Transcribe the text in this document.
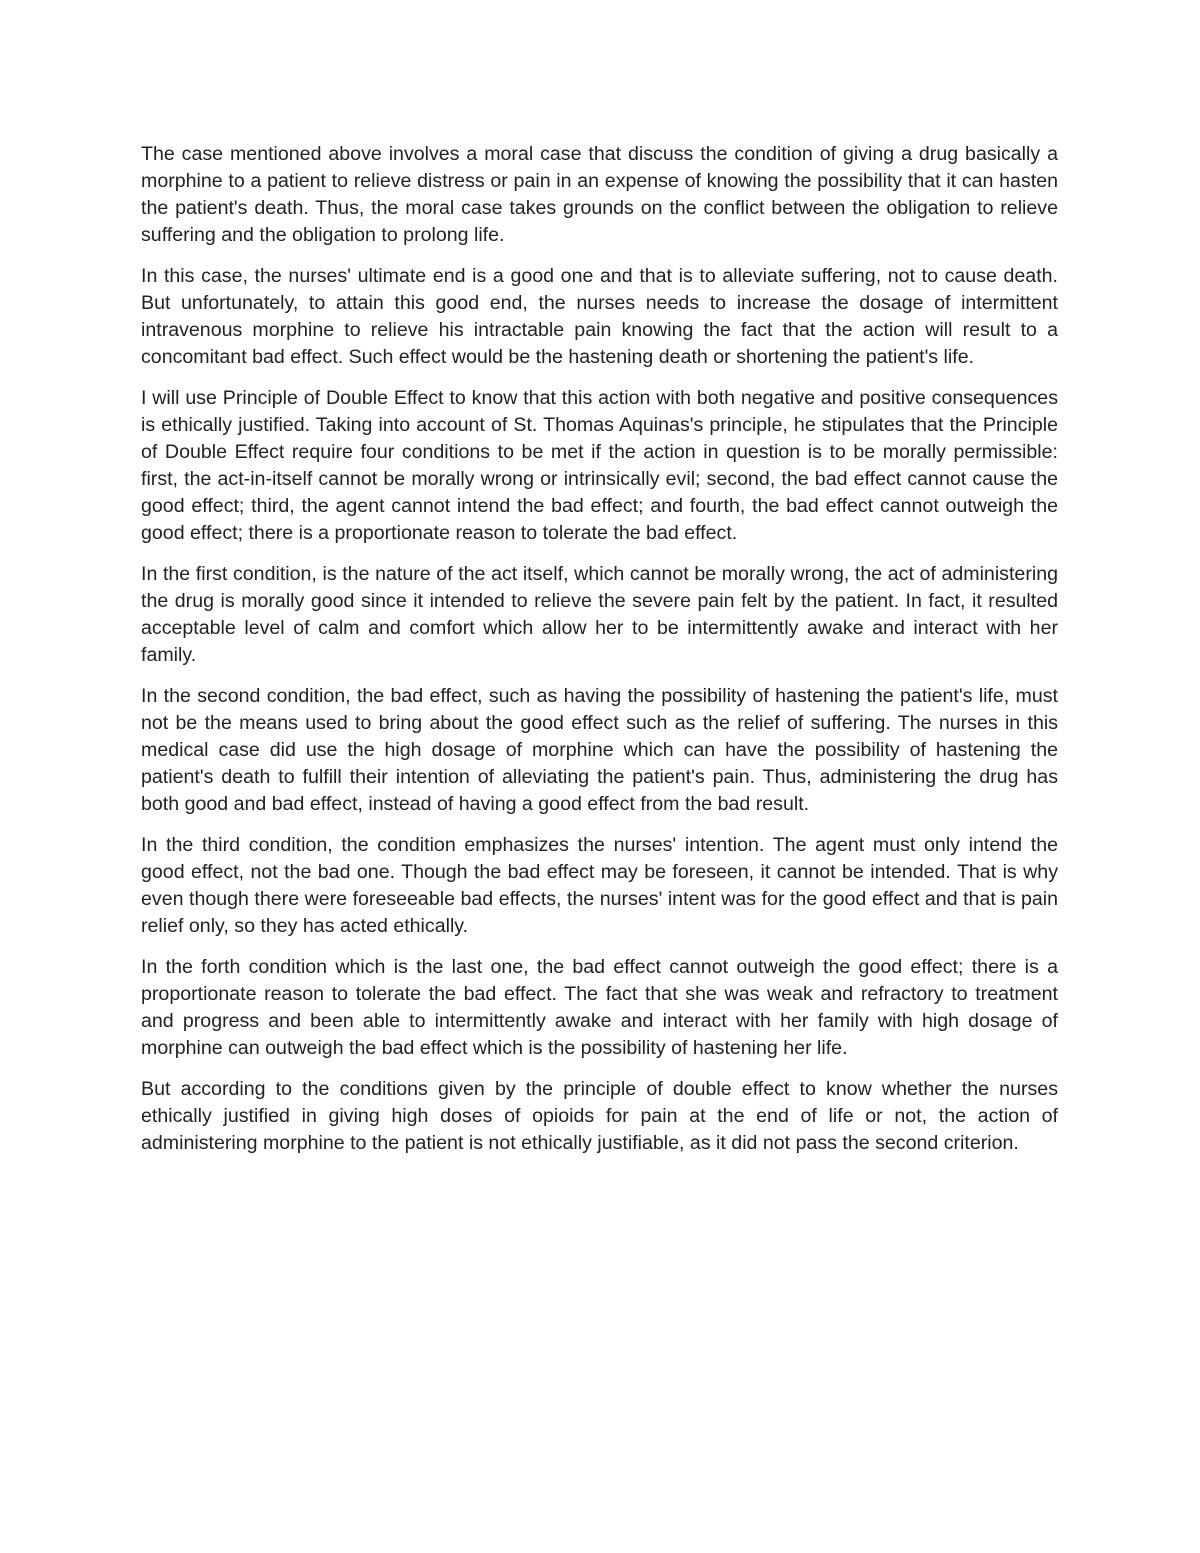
The case mentioned above involves a moral case that discuss the condition of giving a drug basically a morphine to a patient to relieve distress or pain in an expense of knowing the possibility that it can hasten the patient's death. Thus, the moral case takes grounds on the conflict between the obligation to relieve suffering and the obligation to prolong life.

In this case, the nurses' ultimate end is a good one and that is to alleviate suffering, not to cause death. But unfortunately, to attain this good end, the nurses needs to increase the dosage of intermittent intravenous morphine to relieve his intractable pain knowing the fact that the action will result to a concomitant bad effect. Such effect would be the hastening death or shortening the patient's life.

I will use Principle of Double Effect to know that this action with both negative and positive consequences is ethically justified. Taking into account of St. Thomas Aquinas's principle, he stipulates that the Principle of Double Effect require four conditions to be met if the action in question is to be morally permissible: first, the act-in-itself cannot be morally wrong or intrinsically evil; second, the bad effect cannot cause the good effect; third, the agent cannot intend the bad effect; and fourth, the bad effect cannot outweigh the good effect; there is a proportionate reason to tolerate the bad effect.

In the first condition, is the nature of the act itself, which cannot be morally wrong, the act of administering the drug is morally good since it intended to relieve the severe pain felt by the patient. In fact, it resulted acceptable level of calm and comfort which allow her to be intermittently awake and interact with her family.

In the second condition, the bad effect, such as having the possibility of hastening the patient's life, must not be the means used to bring about the good effect such as the relief of suffering. The nurses in this medical case did use the high dosage of morphine which can have the possibility of hastening the patient's death to fulfill their intention of alleviating the patient's pain. Thus, administering the drug has both good and bad effect, instead of having a good effect from the bad result.

In the third condition, the condition emphasizes the nurses' intention. The agent must only intend the good effect, not the bad one. Though the bad effect may be foreseen, it cannot be intended. That is why even though there were foreseeable bad effects, the nurses' intent was for the good effect and that is pain relief only, so they has acted ethically.

In the forth condition which is the last one, the bad effect cannot outweigh the good effect; there is a proportionate reason to tolerate the bad effect. The fact that she was weak and refractory to treatment and progress and been able to intermittently awake and interact with her family with high dosage of morphine can outweigh the bad effect which is the possibility of hastening her life.

But according to the conditions given by the principle of double effect to know whether the nurses ethically justified in giving high doses of opioids for pain at the end of life or not, the action of administering morphine to the patient is not ethically justifiable, as it did not pass the second criterion.
